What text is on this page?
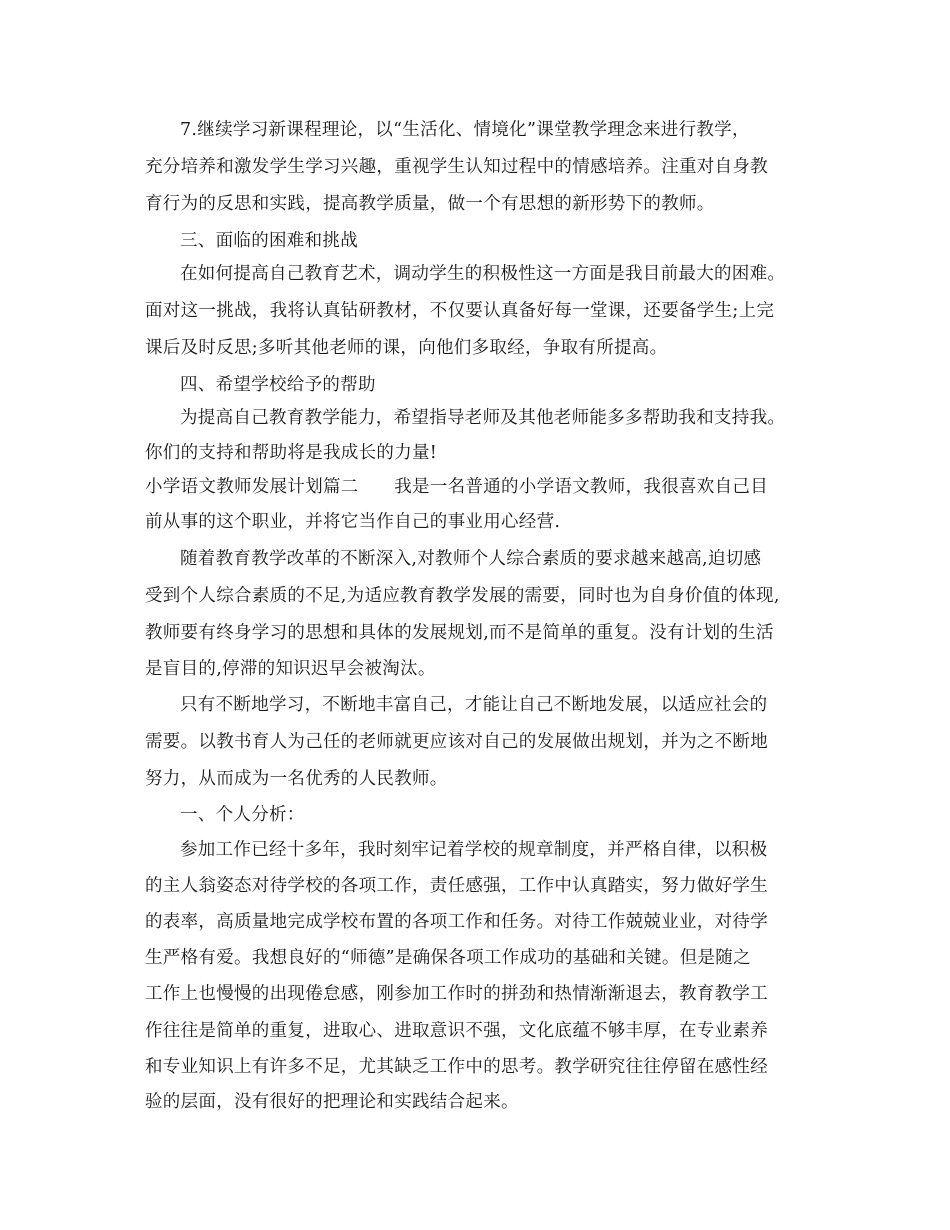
7.继续学习新课程理论，以“生活化、情境化”课堂教学理念来进行教学，
充分培养和激发学生学习兴趣，重视学生认知过程中的情感培养。注重对自身教
育行为的反思和实践，提高教学质量，做一个有思想的新形势下的教师。
三、面临的困难和挑战
在如何提高自己教育艺术，调动学生的积极性这一方面是我目前最大的困难。
面对这一挑战，我将认真钻研教材，不仅要认真备好每一堂课，还要备学生;上完
课后及时反思;多听其他老师的课，向他们多取经，争取有所提高。
四、希望学校给予的帮助
为提高自己教育教学能力，希望指导老师及其他老师能多多帮助我和支持我。
你们的支持和帮助将是我成长的力量!
小学语文教师发展计划篇二　　我是一名普通的小学语文教师，我很喜欢自己目
前从事的这个职业，并将它当作自己的事业用心经营.
随着教育教学改革的不断深入,对教师个人综合素质的要求越来越高,迫切感
受到个人综合素质的不足,为适应教育教学发展的需要，同时也为自身价值的体现,
教师要有终身学习的思想和具体的发展规划,而不是简单的重复。没有计划的生活
是盲目的,停滞的知识迟早会被淘汰。
只有不断地学习，不断地丰富自己，才能让自己不断地发展，以适应社会的
需要。以教书育人为己任的老师就更应该对自己的发展做出规划，并为之不断地
努力，从而成为一名优秀的人民教师。
一、个人分析：
参加工作已经十多年，我时刻牢记着学校的规章制度，并严格自律，以积极
的主人翁姿态对待学校的各项工作，责任感强，工作中认真踏实，努力做好学生
的表率，高质量地完成学校布置的各项工作和任务。对待工作兢兢业业，对待学
生严格有爱。我想良好的“师德”是确保各项工作成功的基础和关键。但是随之
工作上也慢慢的出现倦怠感，刚参加工作时的拼劲和热情渐渐退去，教育教学工
作往往是简单的重复，进取心、进取意识不强，文化底蕴不够丰厚，在专业素养
和专业知识上有许多不足，尤其缺乏工作中的思考。教学研究往往停留在感性经
验的层面，没有很好的把理论和实践结合起来。
